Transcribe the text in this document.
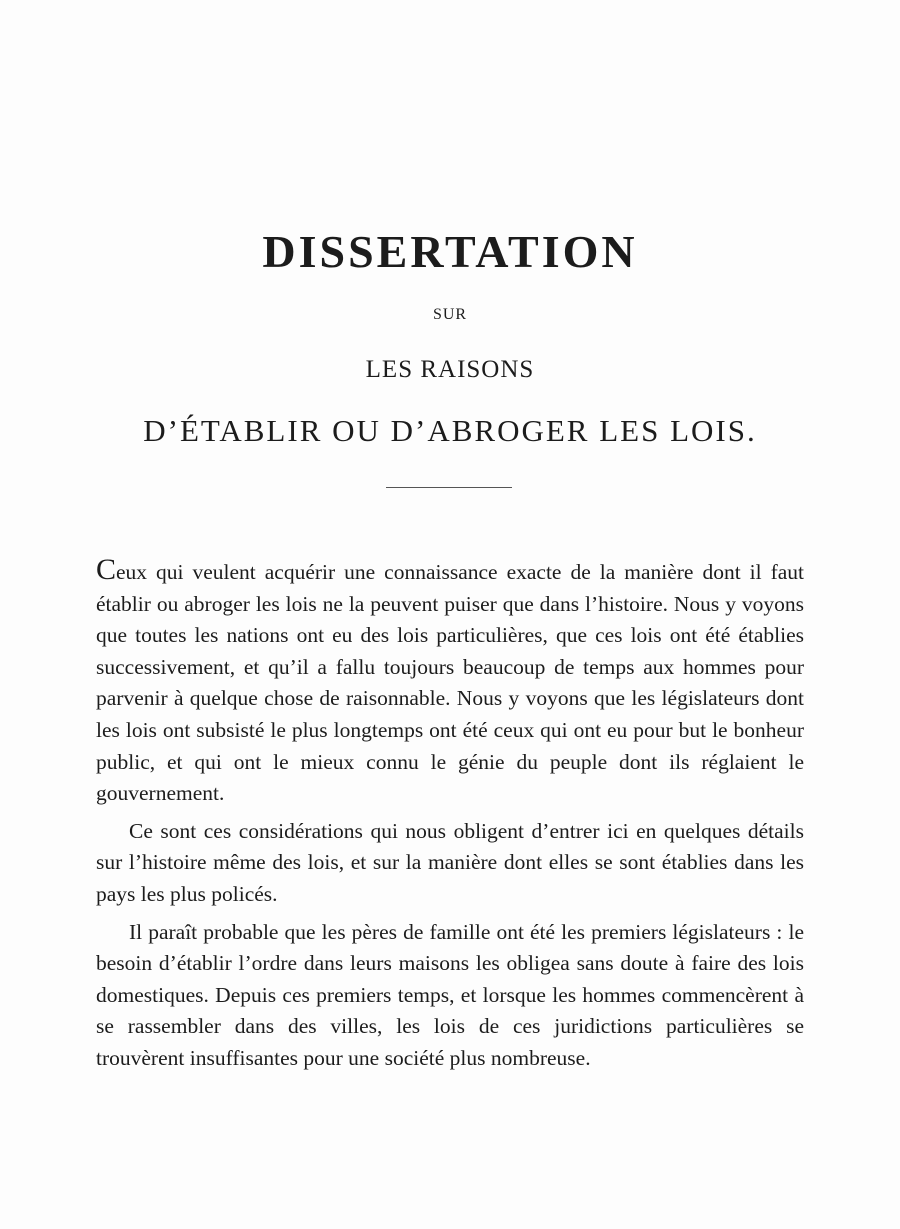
DISSERTATION
SUR
LES RAISONS
D’ÉTABLIR OU D’ABROGER LES LOIS.

Ceux qui veulent acquérir une connaissance exacte de la manière dont il faut établir ou abroger les lois ne la peuvent puiser que dans l’histoire. Nous y voyons que toutes les nations ont eu des lois particulières, que ces lois ont été établies successivement, et qu’il a fallu toujours beaucoup de temps aux hommes pour parvenir à quelque chose de raisonnable. Nous y voyons que les législateurs dont les lois ont subsisté le plus longtemps ont été ceux qui ont eu pour but le bonheur public, et qui ont le mieux connu le génie du peuple dont ils réglaient le gouvernement.

Ce sont ces considérations qui nous obligent d’entrer ici en quelques détails sur l’histoire même des lois, et sur la manière dont elles se sont établies dans les pays les plus policés.

Il paraît probable que les pères de famille ont été les premiers législateurs : le besoin d’établir l’ordre dans leurs maisons les obligea sans doute à faire des lois domestiques. Depuis ces premiers temps, et lorsque les hommes commencèrent à se rassembler dans des villes, les lois de ces juridictions particulières se trouvèrent insuffisantes pour une société plus nombreuse.
